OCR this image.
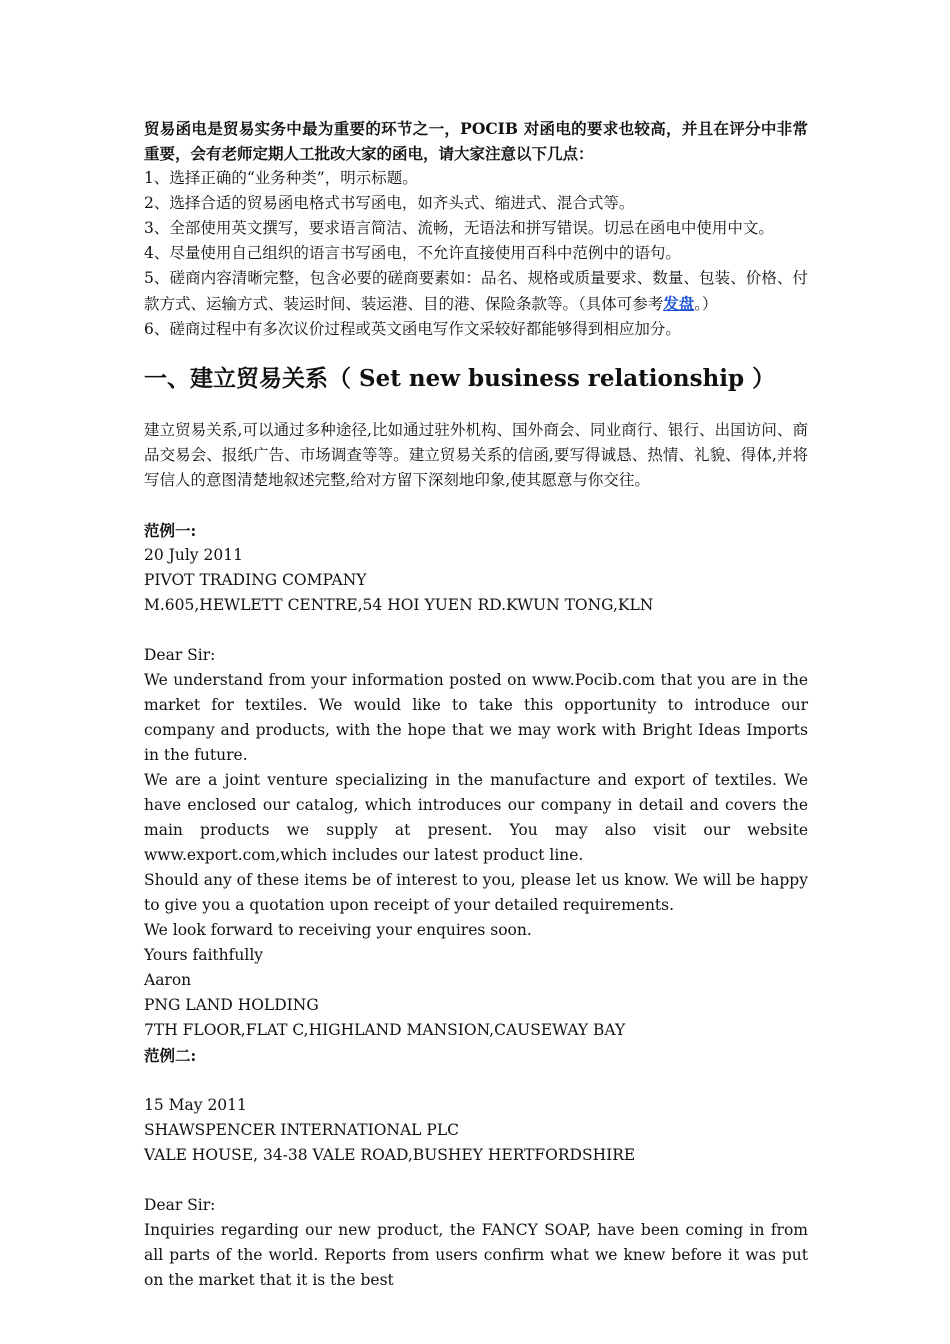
贸易函电是贸易实务中最为重要的环节之一，POCIB 对函电的要求也较高，并且在评分中非常重要，会有老师定期人工批改大家的函电，请大家注意以下几点：

1、选择正确的“业务种类”，明示标题。
2、选择合适的贸易函电格式书写函电，如齐头式、缩进式、混合式等。
3、全部使用英文撰写，要求语言简洁、流畅，无语法和拼写错误。切忌在函电中使用中文。
4、尽量使用自己组织的语言书写函电，不允许直接使用百科中范例中的语句。
5、磋商内容清晰完整，包含必要的磋商要素如：品名、规格或质量要求、数量、包装、价格、付款方式、运输方式、装运时间、装运港、目的港、保险条款等。（具体可参考发盘。）
6、磋商过程中有多次议价过程或英文函电写作文采较好都能够得到相应加分。
一、建立贸易关系（ Set new business relationship ）

建立贸易关系,可以通过多种途径,比如通过驻外机构、国外商会、同业商行、银行、出国访问、商品交易会、报纸广告、市场调查等等。建立贸易关系的信函,要写得诚恳、热情、礼貌、得体,并将写信人的意图清楚地叙述完整,给对方留下深刻地印象,使其愿意与你交往。

范例一:

20 July 2011

PIVOT TRADING COMPANY

M.605,HEWLETT CENTRE,54 HOI YUEN RD.KWUN TONG,KLN

Dear Sir:

We understand from your information posted on www.Pocib.com that you are in the market for textiles. We would like to take this opportunity to introduce our company and products, with the hope that we may work with Bright Ideas Imports in the future.

We are a joint venture specializing in the manufacture and export of textiles. We have enclosed our catalog, which introduces our company in detail and covers the main products we supply at present. You may also visit our website www.export.com,which includes our latest product line.

Should any of these items be of interest to you, please let us know. We will be happy to give you a quotation upon receipt of your detailed requirements.

We look forward to receiving your enquires soon.

Yours faithfully

Aaron

PNG LAND HOLDING

7TH FLOOR,FLAT C,HIGHLAND MANSION,CAUSEWAY BAY

范例二:

15 May 2011

SHAWSPENCER INTERNATIONAL PLC

VALE HOUSE, 34-38 VALE ROAD,BUSHEY HERTFORDSHIRE

Dear Sir:

Inquiries regarding our new product, the FANCY SOAP, have been coming in from all parts of the world. Reports from users confirm what we knew before it was put on the market that it is the best
